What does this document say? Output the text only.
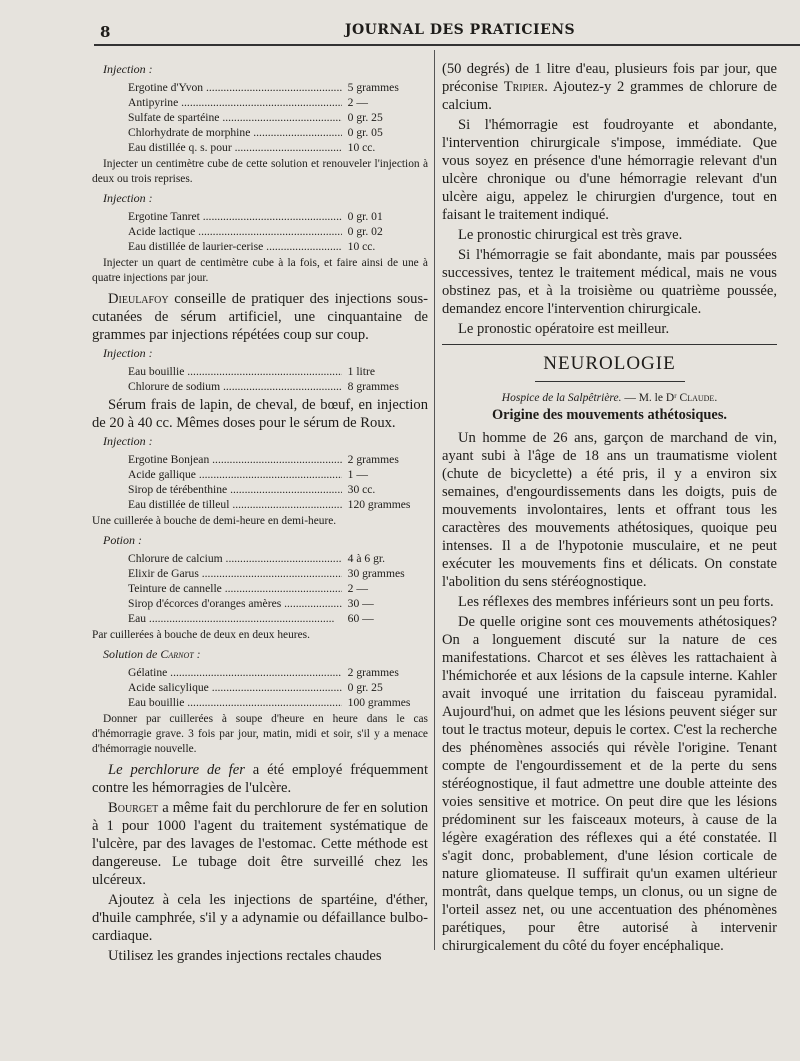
8	JOURNAL DES PRATICIENS
Injection :
Ergotine d'Yvon .....	5 grammes
Antipyrine .....	2 —
Sulfate de spartéine .....	0 gr. 25
Chlorhydrate de morphine .....	0 gr. 05
Eau distillée q. s. pour .....	10 cc.

Injecter un centimètre cube de cette solution et renouveler l'injection à deux ou trois reprises.

Injection :
Ergotine Tanret .....	0 gr. 01
Acide lactique .....	0 gr. 02
Eau distillée de laurier-cerise .....	10 cc.

Injecter un quart de centimètre cube à la fois, et faire ainsi de une à quatre injections par jour.

Dieulafoy conseille de pratiquer des injections sous-cutanées de sérum artificiel, une cinquantaine de grammes par injections répétées coup sur coup.

Injection :
Eau bouillie .....	1 litre
Chlorure de sodium .....	8 grammes

Sérum frais de lapin, de cheval, de bœuf, en injection de 20 à 40 cc. Mêmes doses pour le sérum de Roux.

Injection :
Ergotine Bonjean .....	2 grammes
Acide gallique .....	1 —
Sirop de térébenthine .....	30 cc.
Eau distillée de tilleul .....	120 grammes

Une cuillerée à bouche de demi-heure en demi-heure.

Potion :
Chlorure de calcium .....	4 à 6 gr.
Elixir de Garus .....	30 grammes
Teinture de cannelle .....	2 —
Sirop d'écorces d'oranges amères .....	30 —
Eau .....	60 —

Par cuillerées à bouche de deux en deux heures.

Solution de Carnot :
Gélatine .....	2 grammes
Acide salicylique .....	0 gr. 25
Eau bouillie .....	100 grammes

Donner par cuillerées à soupe d'heure en heure dans le cas d'hémorragie grave. 3 fois par jour, matin, midi et soir, s'il y a menace d'hémorragie nouvelle.

Le perchlorure de fer a été employé fréquemment contre les hémorragies de l'ulcère.

Bourget a même fait du perchlorure de fer en solution à 1 pour 1000 l'agent du traitement systématique de l'ulcère, par des lavages de l'estomac. Cette méthode est dangereuse. Le tubage doit être surveillé chez les ulcéreux.

Ajoutez à cela les injections de spartéine, d'éther, d'huile camphrée, s'il y a adynamie ou défaillance bulbo-cardiaque.

Utilisez les grandes injections rectales chaudes

(50 degrés) de 1 litre d'eau, plusieurs fois par jour, que préconise Tripier. Ajoutez-y 2 grammes de chlorure de calcium.

Si l'hémorragie est foudroyante et abondante, l'intervention chirurgicale s'impose, immédiate. Que vous soyez en présence d'une hémorragie relevant d'un ulcère chronique ou d'une hémorragie relevant d'un ulcère aigu, appelez le chirurgien d'urgence, tout en faisant le traitement indiqué.

Le pronostic chirurgical est très grave.

Si l'hémorragie se fait abondante, mais par poussées successives, tentez le traitement médical, mais ne vous obstinez pas, et à la troisième ou quatrième poussée, demandez encore l'intervention chirurgicale.

Le pronostic opératoire est meilleur.

NEUROLOGIE
Hospice de la Salpêtrière. — M. le Dʳ Claude.
Origine des mouvements athétosiques.

Un homme de 26 ans, garçon de marchand de vin, ayant subi à l'âge de 18 ans un traumatisme violent (chute de bicyclette) a été pris, il y a environ six semaines, d'engourdissements dans les doigts, puis de mouvements involontaires, lents et offrant tous les caractères des mouvements athétosiques, quoique peu intenses. Il a de l'hypotonie musculaire, et ne peut exécuter les mouvements fins et délicats. On constate l'abolition du sens stéréognostique.

Les réflexes des membres inférieurs sont un peu forts.

De quelle origine sont ces mouvements athétosiques? On a longuement discuté sur la nature de ces manifestations. Charcot et ses élèves les rattachaient à l'hémichorée et aux lésions de la capsule interne. Kahler avait invoqué une irritation du faisceau pyramidal. Aujourd'hui, on admet que les lésions peuvent siéger sur tout le tractus moteur, depuis le cortex. C'est la recherche des phénomènes associés qui révèle l'origine. Tenant compte de l'engourdissement et de la perte du sens stéréognostique, il faut admettre une double atteinte des voies sensitive et motrice. On peut dire que les lésions prédominent sur les faisceaux moteurs, à cause de la légère exagération des réflexes qui a été constatée. Il s'agit donc, probablement, d'une lésion corticale de nature gliomateuse. Il suffirait qu'un examen ultérieur montrât, dans quelque temps, un clonus, ou un signe de l'orteil assez net, ou une accentuation des phénomènes parétiques, pour être autorisé à intervenir chirurgicalement du côté du foyer encéphalique.
